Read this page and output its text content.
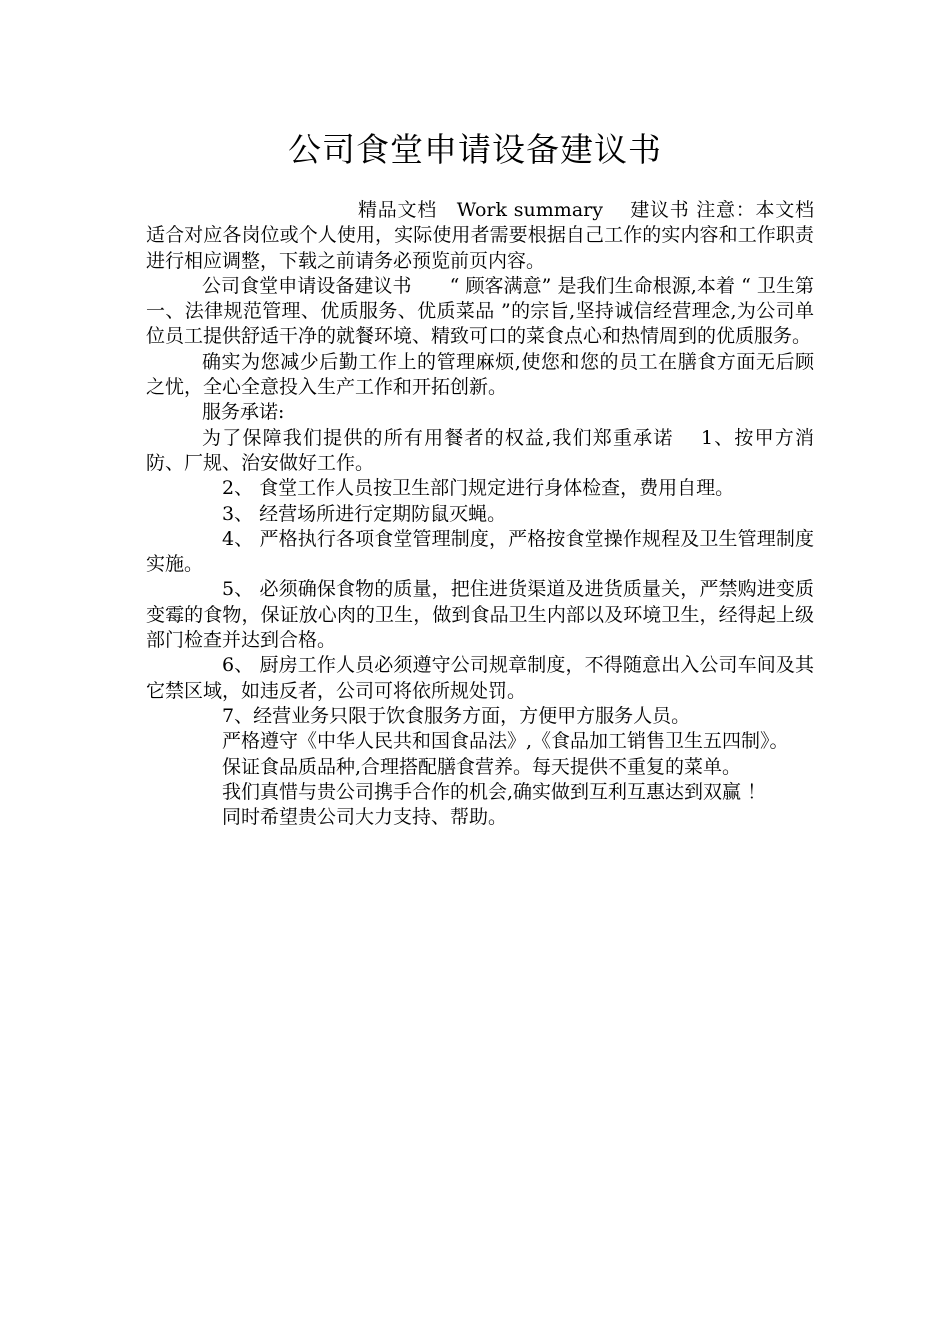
公司食堂申请设备建议书

精品文档　Work summary　 建议书 注意：本文档适合对应各岗位或个人使用，实际使用者需要根据自己工作的实内容和工作职责进行相应调整，下载之前请务必预览前页内容。

公司食堂申请设备建议书　　“ 顾客满意” 是我们生命根源,本着 “ 卫生第一、法律规范管理、优质服务、优质菜品 ”的宗旨,坚持诚信经营理念,为公司单位员工提供舒适干净的就餐环境、精致可口的菜食点心和热情周到的优质服务。

确实为您减少后勤工作上的管理麻烦,使您和您的员工在膳食方面无后顾之忧，全心全意投入生产工作和开拓创新。

服务承诺:

为了保障我们提供的所有用餐者的权益,我们郑重承诺　 1、按甲方消防、厂规、治安做好工作。

2、 食堂工作人员按卫生部门规定进行身体检查，费用自理。

3、 经营场所进行定期防鼠灭蝇。

4、 严格执行各项食堂管理制度，严格按食堂操作规程及卫生管理制度实施。

5、 必须确保食物的质量，把住进货渠道及进货质量关，严禁购进变质变霉的食物，保证放心肉的卫生，做到食品卫生内部以及环境卫生，经得起上级部门检查并达到合格。

6、 厨房工作人员必须遵守公司规章制度，不得随意出入公司车间及其它禁区域，如违反者，公司可将依所规处罚。

7、经营业务只限于饮食服务方面，方便甲方服务人员。

严格遵守《中华人民共和国食品法》,《食品加工销售卫生五四制》。

保证食品质品种,合理搭配膳食营养。每天提供不重复的菜单。

我们真惜与贵公司携手合作的机会,确实做到互利互惠达到双赢 ！

同时希望贵公司大力支持、帮助。
